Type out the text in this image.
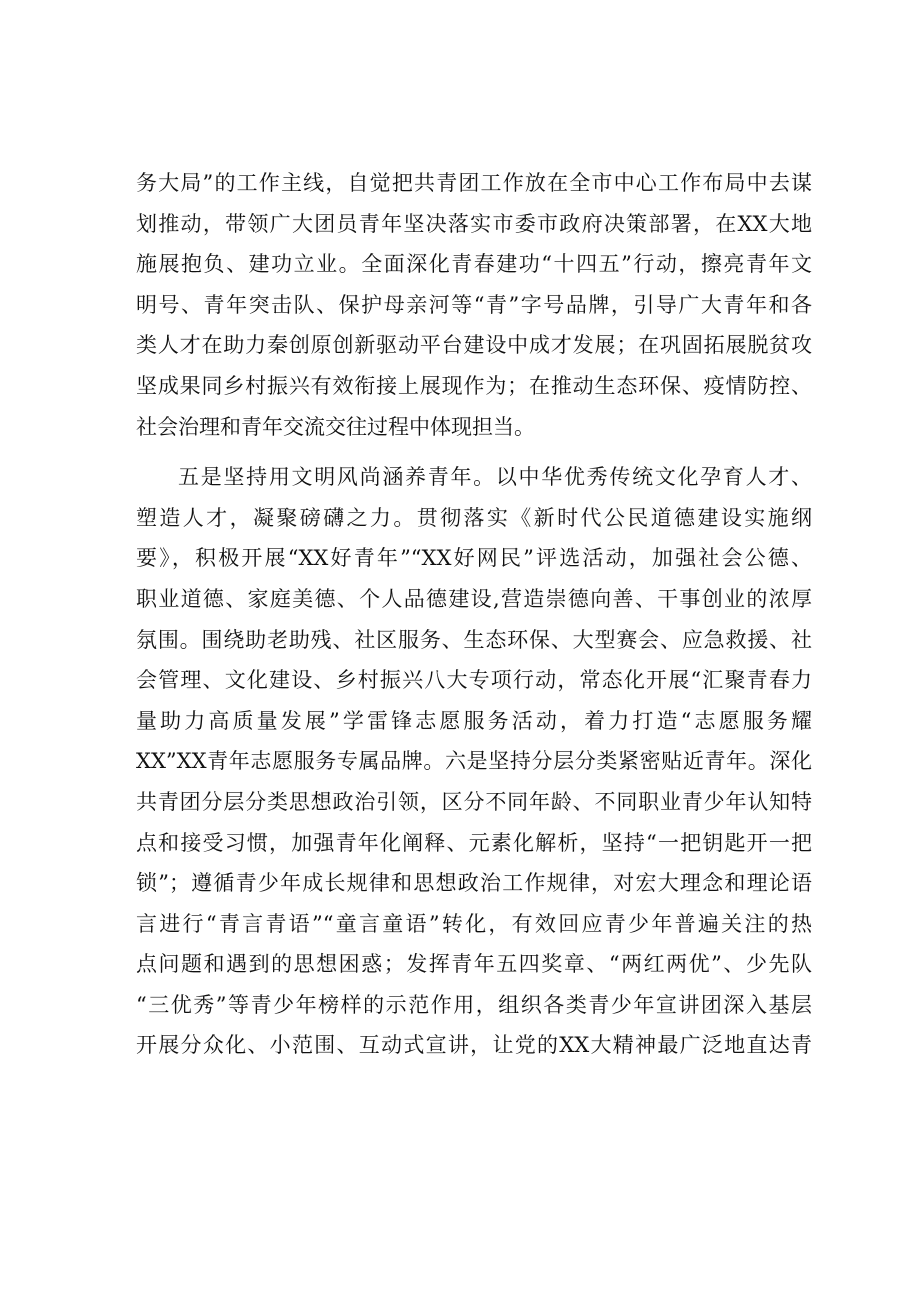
务大局”的工作主线，自觉把共青团工作放在全市中心工作布局中去谋
划推动，带领广大团员青年坚决落实市委市政府决策部署，在XX大地
施展抱负、建功立业。全面深化青春建功“十四五”行动，擦亮青年文
明号、青年突击队、保护母亲河等“青”字号品牌，引导广大青年和各
类人才在助力秦创原创新驱动平台建设中成才发展；在巩固拓展脱贫攻
坚成果同乡村振兴有效衔接上展现作为；在推动生态环保、疫情防控、
社会治理和青年交流交往过程中体现担当。
五是坚持用文明风尚涵养青年。以中华优秀传统文化孕育人才、
塑造人才，凝聚磅礴之力。贯彻落实《新时代公民道德建设实施纲
要》，积极开展“XX好青年”“XX好网民”评选活动，加强社会公德、
职业道德、家庭美德、个人品德建设,营造崇德向善、干事创业的浓厚
氛围。围绕助老助残、社区服务、生态环保、大型赛会、应急救援、社
会管理、文化建设、乡村振兴八大专项行动，常态化开展“汇聚青春力
量助力高质量发展”学雷锋志愿服务活动，着力打造“志愿服务耀
XX”XX青年志愿服务专属品牌。六是坚持分层分类紧密贴近青年。深化
共青团分层分类思想政治引领，区分不同年龄、不同职业青少年认知特
点和接受习惯，加强青年化阐释、元素化解析，坚持“一把钥匙开一把
锁”；遵循青少年成长规律和思想政治工作规律，对宏大理念和理论语
言进行“青言青语”“童言童语”转化，有效回应青少年普遍关注的热
点问题和遇到的思想困惑；发挥青年五四奖章、“两红两优”、少先队
“三优秀”等青少年榜样的示范作用，组织各类青少年宣讲团深入基层
开展分众化、小范围、互动式宣讲，让党的XX大精神最广泛地直达青
